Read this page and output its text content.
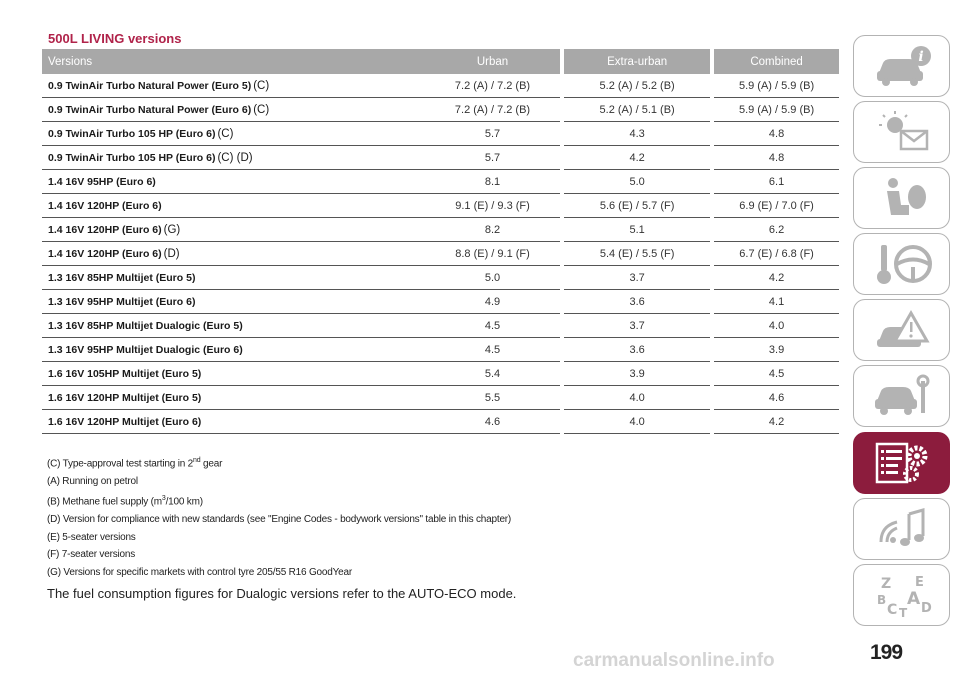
500L LIVING versions
Versions	Urban		Extra-urban		Combined
0.9 TwinAir Turbo Natural Power (Euro 5) (C)	7.2 (A) / 7.2 (B)		5.2 (A) / 5.2 (B)		5.9 (A) / 5.9 (B)
0.9 TwinAir Turbo Natural Power (Euro 6) (C)	7.2 (A) / 7.2 (B)		5.2 (A) / 5.1 (B)		5.9 (A) / 5.9 (B)
0.9 TwinAir Turbo 105 HP (Euro 6) (C)	5.7		4.3		4.8
0.9 TwinAir Turbo 105 HP (Euro 6) (C) (D)	5.7		4.2		4.8
1.4 16V 95HP (Euro 6)	8.1		5.0		6.1
1.4 16V 120HP (Euro 6)	9.1 (E) / 9.3 (F)		5.6 (E) / 5.7 (F)		6.9 (E) / 7.0 (F)
1.4 16V 120HP (Euro 6) (G)	8.2		5.1		6.2
1.4 16V 120HP (Euro 6) (D)	8.8 (E) / 9.1 (F)		5.4 (E) / 5.5 (F)		6.7 (E) / 6.8 (F)
1.3 16V 85HP Multijet (Euro 5)	5.0		3.7		4.2
1.3 16V 95HP Multijet (Euro 6)	4.9		3.6		4.1
1.3 16V 85HP Multijet Dualogic (Euro 5)	4.5		3.7		4.0
1.3 16V 95HP Multijet Dualogic (Euro 6)	4.5		3.6		3.9
1.6 16V 105HP Multijet (Euro 5)	5.4		3.9		4.5
1.6 16V 120HP Multijet (Euro 5)	5.5		4.0		4.6
1.6 16V 120HP Multijet (Euro 6)	4.6		4.0		4.2
(C) Type-approval test starting in 2nd gear
(A) Running on petrol
(B) Methane fuel supply ($m^3/100$ km)
(D) Version for compliance with new standards (see "Engine Codes - bodywork versions" table in this chapter)
(E) 5-seater versions
(F) 7-seater versions
(G) Versions for specific markets with control tyre 205/55 R16 GoodYear
The fuel consumption figures for Dualogic versions refer to the AUTO-ECO mode.
i
Z E
B A
C D
T
carmanualsonline.info	199
